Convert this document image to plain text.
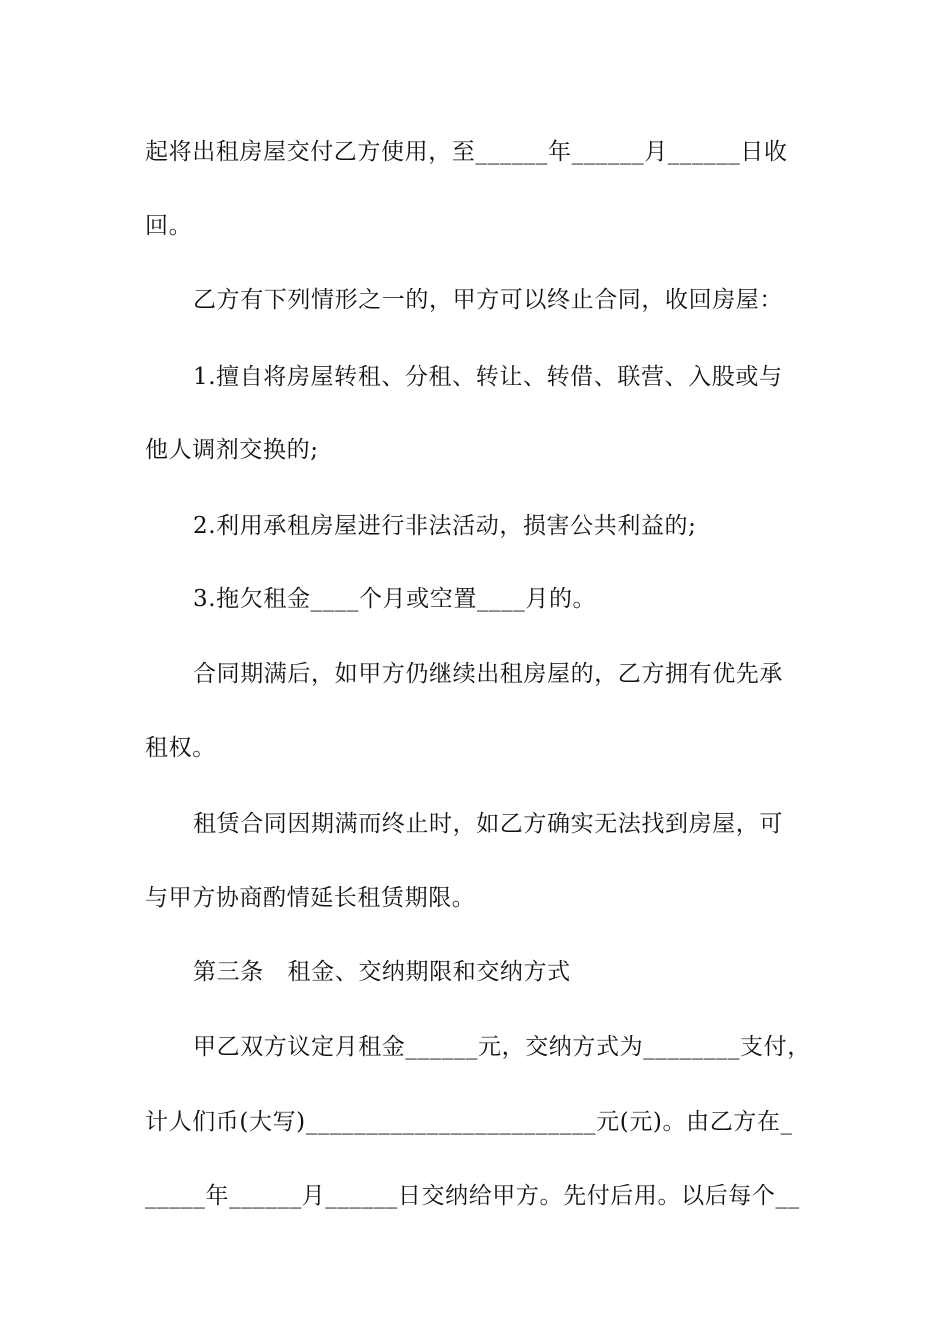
起将出租房屋交付乙方使用，至______年______月______日收

回。

乙方有下列情形之一的，甲方可以终止合同，收回房屋：

1.擅自将房屋转租、分租、转让、转借、联营、入股或与

他人调剂交换的;

2.利用承租房屋进行非法活动，损害公共利益的;

3.拖欠租金____个月或空置____月的。

合同期满后，如甲方仍继续出租房屋的，乙方拥有优先承

租权。

租赁合同因期满而终止时，如乙方确实无法找到房屋，可

与甲方协商酌情延长租赁期限。

第三条   租金、交纳期限和交纳方式

甲乙双方议定月租金______元，交纳方式为________支付，

计人们币(大写)________________________元(元)。由乙方在_

_____年______月______日交纳给甲方。先付后用。以后每个__
